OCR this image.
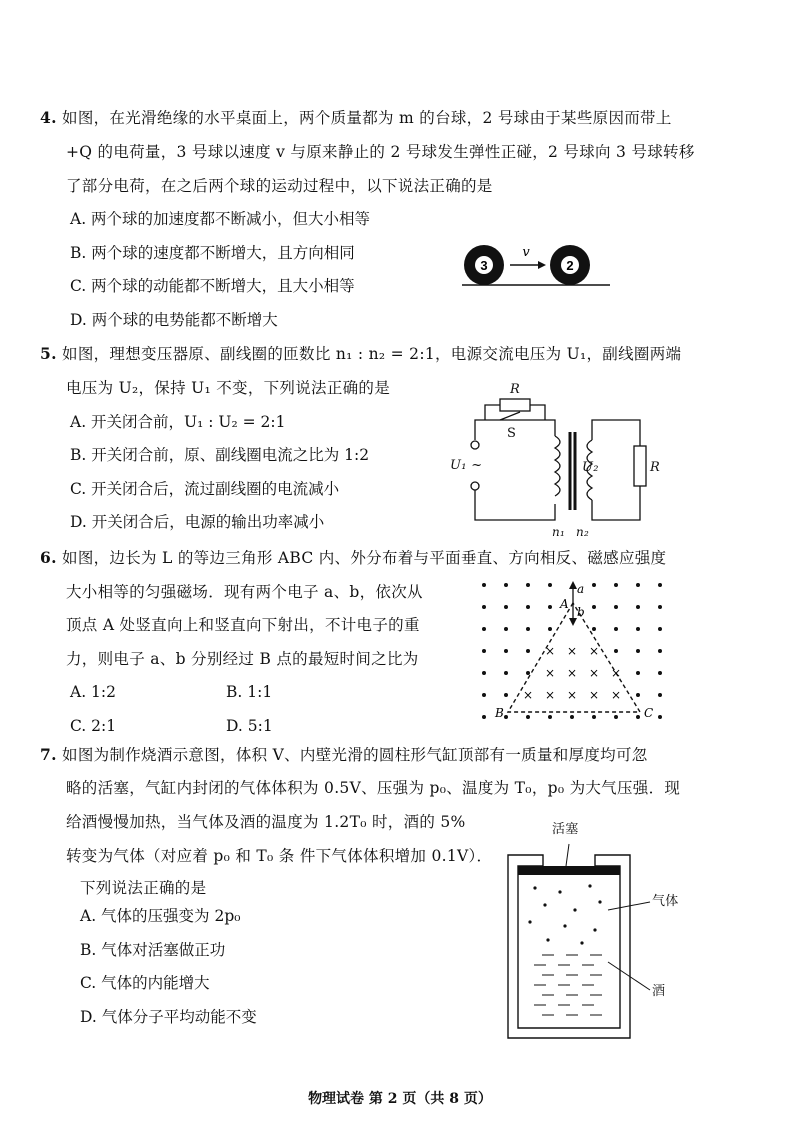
4. 如图，在光滑绝缘的水平桌面上，两个质量都为 m 的台球，2 号球由于某些原因而带上
+Q 的电荷量，3 号球以速度 v 与原来静止的 2 号球发生弹性正碰，2 号球向 3 号球转移
了部分电荷，在之后两个球的运动过程中，以下说法正确的是
A. 两个球的加速度都不断减小，但大小相等
B. 两个球的速度都不断增大，且方向相同
C. 两个球的动能都不断增大，且大小相等
D. 两个球的电势能都不断增大
3	2
v
5. 如图，理想变压器原、副线圈的匝数比 n₁ : n₂ = 2:1，电源交流电压为 U₁，副线圈两端
电压为 U₂，保持 U₁ 不变，下列说法正确的是
A. 开关闭合前，U₁ : U₂ = 2:1
B. 开关闭合前，原、副线圈电流之比为 1:2
C. 开关闭合后，流过副线圈的电流减小
D. 开关闭合后，电源的输出功率减小
R
S
U₁ ~	U₂	R
n₁ n₂
6. 如图，边长为 L 的等边三角形 ABC 内、外分布着与平面垂直、方向相反、磁感应强度
大小相等的匀强磁场．现有两个电子 a、b，依次从
顶点 A 处竖直向上和竖直向下射出，不计电子的重
力，则电子 a、b 分别经过 B 点的最短时间之比为
A. 1:2	B. 1:1
C. 2:1	D. 5:1
a
b
A
B	C
× × ×
× × × ×
× × × × ×
7. 如图为制作烧酒示意图，体积 V、内壁光滑的圆柱形气缸顶部有一质量和厚度均可忽
略的活塞，气缸内封闭的气体体积为 0.5V、压强为 p₀、温度为 T₀，p₀ 为大气压强．现
给酒慢慢加热，当气体及酒的温度为 1.2T₀ 时，酒的 5%
转变为气体（对应着 p₀ 和 T₀ 条 件下气体体积增加 0.1V）．
下列说法正确的是
A. 气体的压强变为 2p₀
B. 气体对活塞做正功
C. 气体的内能增大
D. 气体分子平均动能不变
活塞
气体
酒
物理试卷 第 2 页（共 8 页）
